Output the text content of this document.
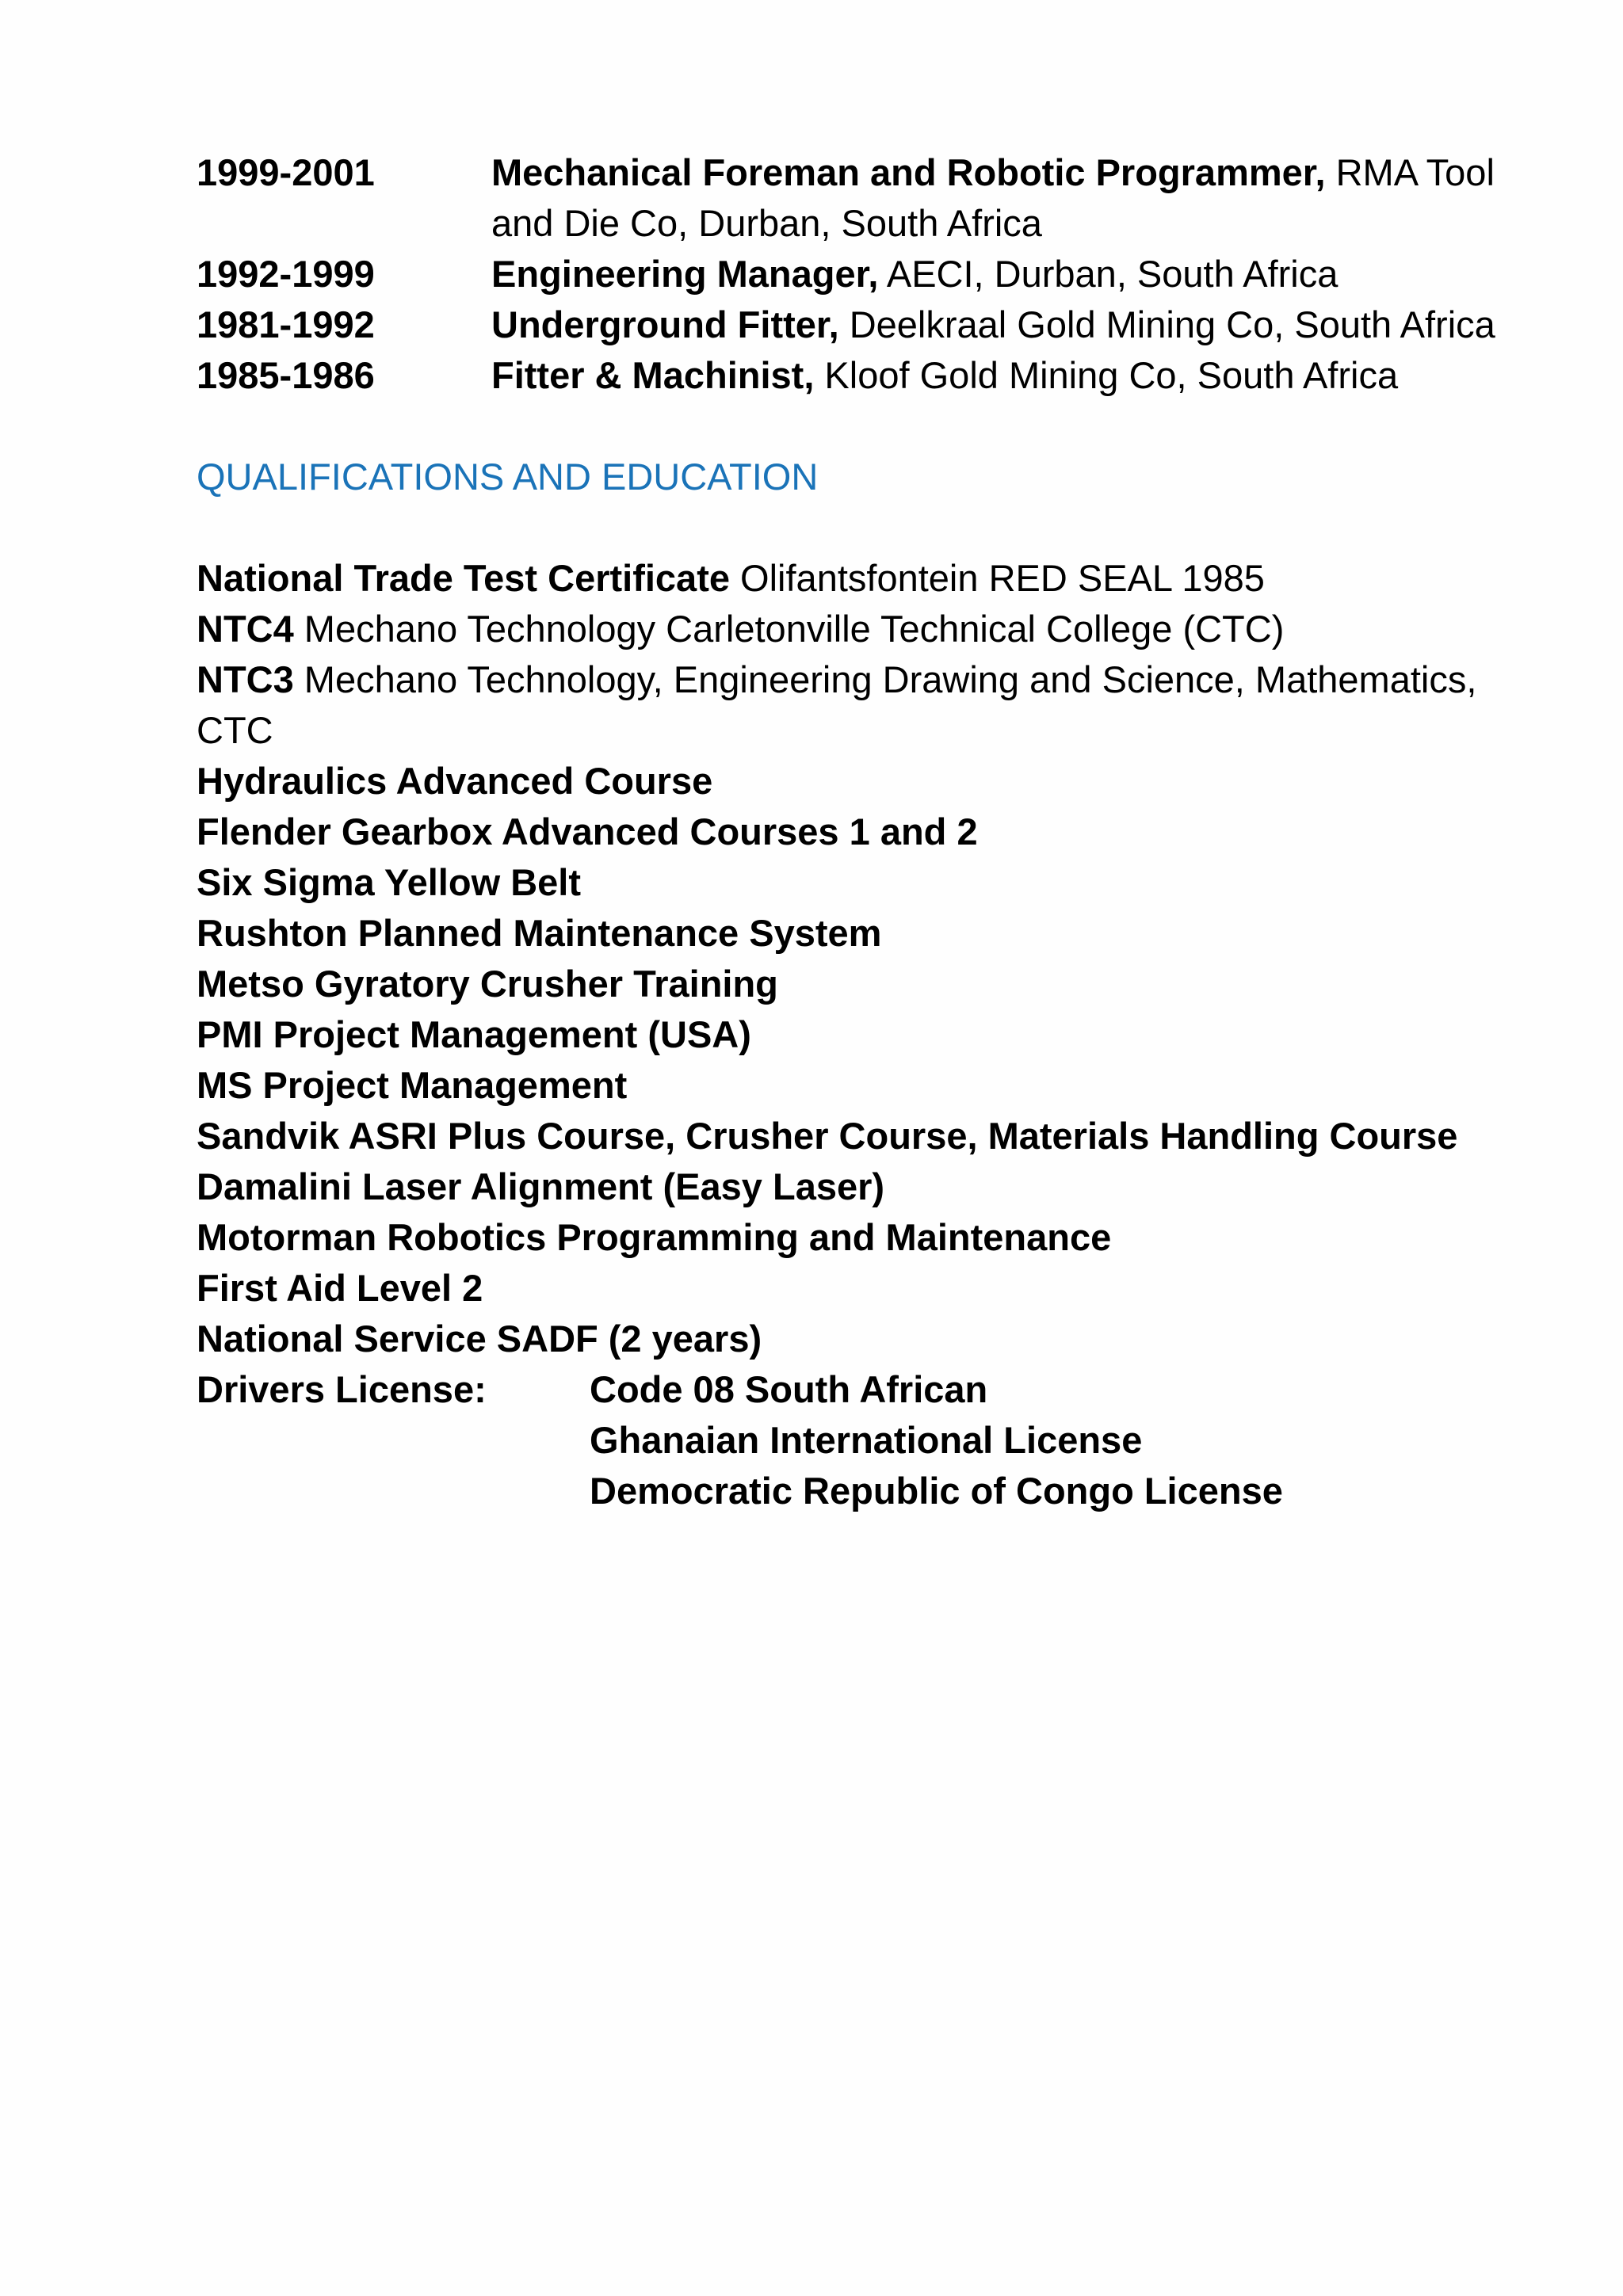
1999-2001	Mechanical Foreman and Robotic Programmer, RMA Tool and Die Co, Durban, South Africa
1992-1999	Engineering Manager, AECI, Durban, South Africa
1981-1992	Underground Fitter, Deelkraal Gold Mining Co, South Africa
1985-1986	Fitter & Machinist, Kloof Gold Mining Co, South Africa
QUALIFICATIONS AND EDUCATION
National Trade Test Certificate Olifantsfontein RED SEAL 1985
NTC4 Mechano Technology Carletonville Technical College (CTC)
NTC3 Mechano Technology, Engineering Drawing and Science, Mathematics, CTC
Hydraulics Advanced Course
Flender Gearbox Advanced Courses 1 and 2
Six Sigma Yellow Belt
Rushton Planned Maintenance System
Metso Gyratory Crusher Training
PMI Project Management (USA)
MS Project Management
Sandvik ASRI Plus Course, Crusher Course, Materials Handling Course
Damalini Laser Alignment (Easy Laser)
Motorman Robotics Programming and Maintenance
First Aid Level 2
National Service SADF (2 years)
Drivers License:	Code 08 South African
Ghanaian International License
Democratic Republic of Congo License
